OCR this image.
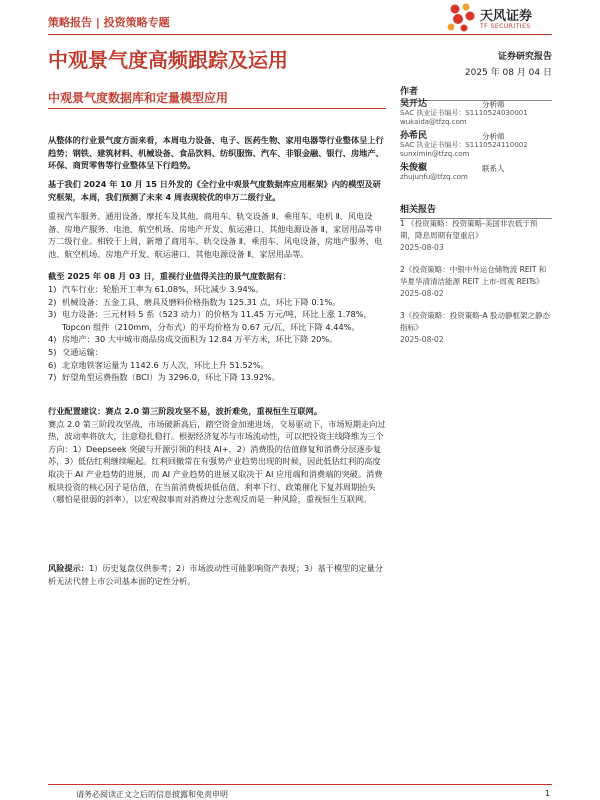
策略报告 | 投资策略专题	天风证券
TF SECURITIES
中观景气度高频跟踪及运用	证券研究报告
2025 年 08 月 04 日
中观景气度数据库和定量模型应用
从整体的行业景气度方面来看，本周电力设备、电子、医药生物、家用电器等行业整体呈上行趋势；钢铁、建筑材料、机械设备、食品饮料、纺织服饰、汽车、非银金融、银行、房地产、环保、商贸零售等行业整体呈下行趋势。
基于我们 2024 年 10 月 15 日外发的《全行业中观景气度数据库应用框架》内的模型及研究框架，本周，我们预测了未来 4 周表现较优的申万二级行业。
重视汽车服务、通用设备、摩托车及其他、商用车、轨交设备 Ⅱ、乘用车、电机 Ⅱ、风电设备、房地产服务、电池、航空机场、房地产开发、航运港口、其他电源设备 Ⅱ、家居用品等申万二级行业。相较于上周，新增了商用车、轨交设备 Ⅱ、乘用车、风电设备、房地产服务、电池、航空机场、房地产开发、航运港口、其他电源设备 Ⅱ、家居用品等。
截至 2025 年 08 月 03 日，重视行业值得关注的景气度数据有：
1) 汽车行业：轮胎开工率为 61.08%，环比减少 3.94%。
2) 机械设备：五金工具、磨具及磨料价格指数为 125.31 点，环比下降 0.1%。
3) 电力设备：三元材料 5 系（523 动力）的价格为 11.45 万元/吨，环比上涨 1.78%，Topcon 组件（210mm，分布式）的平均价格为 0.67 元/瓦，环比下降 4.44%。
4) 房地产：30 大中城市商品房成交面积为 12.84 万平方米，环比下降 20%。
5) 交通运输：
6) 北京地铁客运量为 1142.6 万人次，环比上升 51.52%。
7) 好望角型运费指数（BCI）为 3296.0，环比下降 13.92%。
行业配置建议：赛点 2.0 第三阶段攻坚不易，波折难免，重视恒生互联网。
赛点 2.0 第三阶段攻坚战，市场破新高后，踏空资金加速进场，交易驱动下，市场短期走向过热，波动率将放大，注意稳扎稳打。根据经济复苏与市场流动性，可以把投资主线降维为三个方向：1）Deepseek 突破与开源引领的科技 AI+，2）消费股的估值修复和消费分层逐步复苏，3）低估红利继续崛起。红利回撤常在有强势产业趋势出现的时候，因此低估红利的高度取决于 AI 产业趋势的进展，而 AI 产业趋势的进展又取决于 AI 应用端和消费端的突破。消费板块投资的核心因子是估值，在当前消费板块低估值、利率下行、政策催化下复苏周期抬头（哪怕是很弱的斜率），以宏观叙事而对消费过分悲观反而是一种风险，重视恒生互联网。
风险提示：1）历史复盘仅供参考；2）市场波动性可能影响资产表现；3）基于模型的定量分析无法代替上市公司基本面的定性分析。
作者
吴开达	分析师
SAC 执业证书编号：S1110524030001
wukaida@tfzq.com
孙希民	分析师
SAC 执业证书编号：S1110524110002
sunximin@tfzq.com
朱俊椒	联系人
zhujunfu@tfzq.com
相关报告
1 《投资策略：投资策略-美国非农低于预期，降息周期有望重启》
2025-08-03
2《投资策略：中银中外运仓储物流 REIT 和华夏华清清洁能源 REIT 上市-周观 REITs》
2025-08-02
3《投资策略：投资策略-A 股动静框架之静态指标》
2025-08-02
请务必阅读正文之后的信息披露和免责申明	1
